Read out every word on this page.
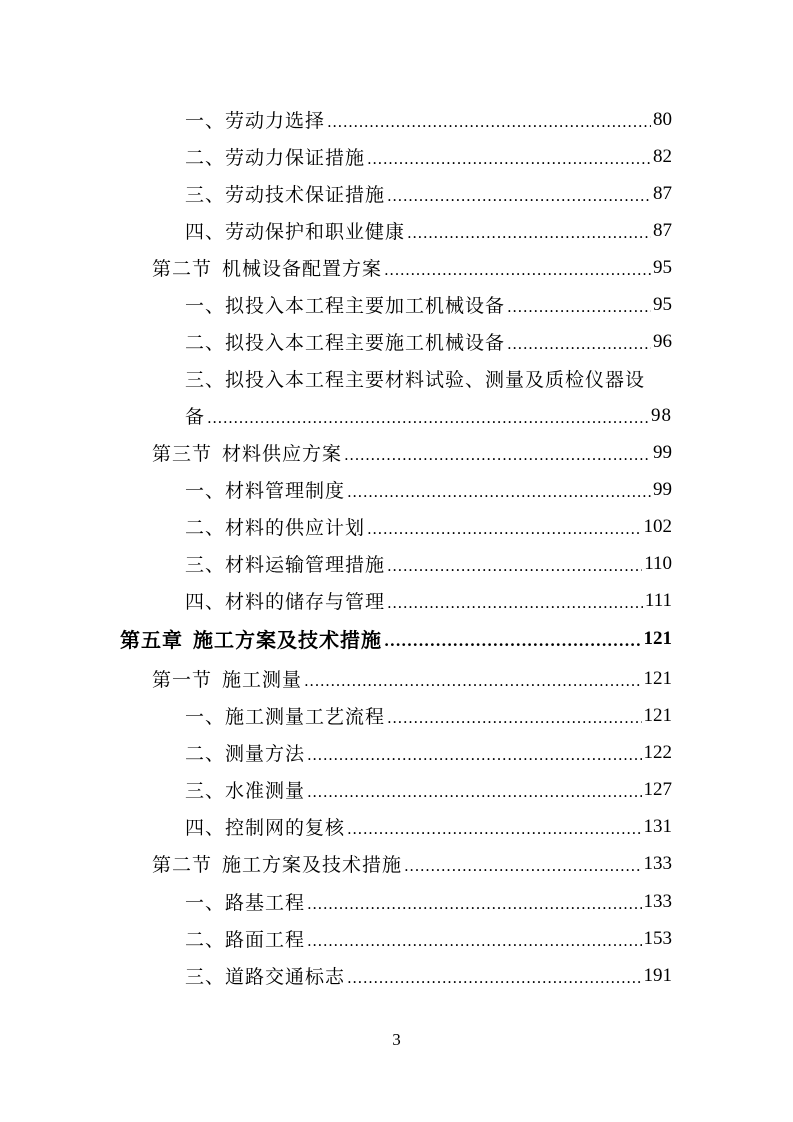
一、劳动力选择 .....	80
二、劳动力保证措施 .....	82
三、劳动技术保证措施 .....	87
四、劳动保护和职业健康 .....	87
第二节 机械设备配置方案 .....	95
一、拟投入本工程主要加工机械设备 .....	95
二、拟投入本工程主要施工机械设备 .....	96
三、拟投入本工程主要材料试验、测量及质检仪器设
备 .....	98
第三节 材料供应方案 .....	99
一、材料管理制度 .....	99
二、材料的供应计划 .....	102
三、材料运输管理措施 .....	110
四、材料的储存与管理 .....	111
第五章 施工方案及技术措施 .....	121
第一节 施工测量 .....	121
一、施工测量工艺流程 .....	121
二、测量方法 .....	122
三、水准测量 .....	127
四、控制网的复核 .....	131
第二节 施工方案及技术措施 .....	133
一、路基工程 .....	133
二、路面工程 .....	153
三、道路交通标志 .....	191
3
